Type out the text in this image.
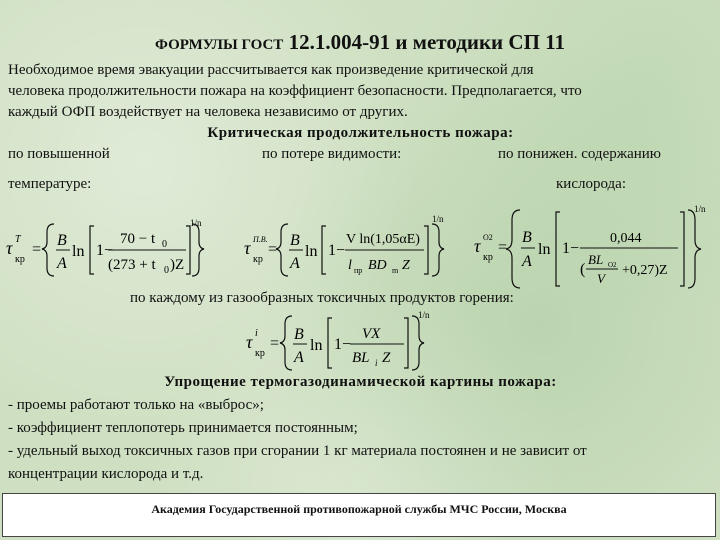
ФОРМУЛЫ ГОСТ 12.1.004-91 и методики СП 11
Необходимое время эвакуации рассчитывается как произведение критической для
человека продолжительности пожара на коэффициент безопасности. Предполагается, что
каждый ОФП воздействует на человека независимо от других.
Критическая продолжительность пожара:
по повышенной
температуре:
по потере видимости:	по понижен. содержанию
кислорода:
τ T
кр
=
B
A
ln 1−
70 − t 0
(273 + t 0 )Z
1/n
τ П.В.
кр
=
B
A
ln 1−
V ln(1,05αE)
l пр BD m Z
1/n
τ O2
кр
=
B
A
ln 1−
0,044
(
BL O2
V
+0,27)Z
1/n
по каждому из газообразных токсичных продуктов горения:
τ i
кр
=
B
A
ln 1−
VX
BL i Z
1/n
Упрощение термогазодинамической картины пожара:
- проемы работают только на «выброс»;
- коэффициент теплопотерь принимается постоянным;
- удельный выход токсичных газов при сгорании 1 кг материала постоянен и не зависит от
концентрации кислорода и т.д.
Академия Государственной противопожарной службы МЧС России, Москва
